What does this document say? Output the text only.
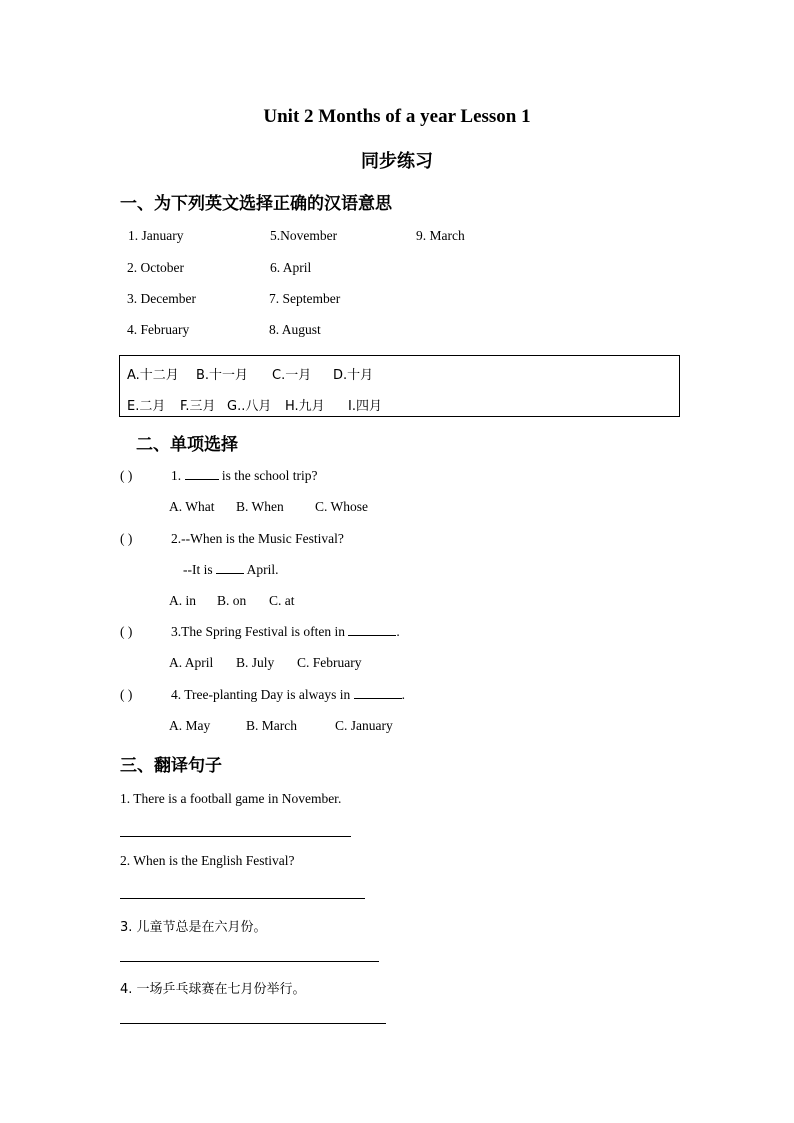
Unit 2 Months of a year Lesson 1
同步练习
一、为下列英文选择正确的汉语意思
1. January	5.November	9. March
2. October	6. April
3. December	7. September
4. February	8. August
A.十二月 B.十一月 C.一月 D.十月
E.二月 F.三月 G..八月 H.九月 I.四月
二、单项选择
( )	1.	is the school trip?
A. What B. When C. Whose
( )	2.--When is the Music Festival?
--It is	April.
A. in B. on C. at
( )	3.The Spring Festival is often in	.
A. April B. July C. February
( )	4. Tree-planting Day is always in	.
A. May	B. March	C. January
三、翻译句子
1. There is a football game in November.
2. When is the English Festival?
3. 儿童节总是在六月份。
4. 一场乒乓球赛在七月份举行。
